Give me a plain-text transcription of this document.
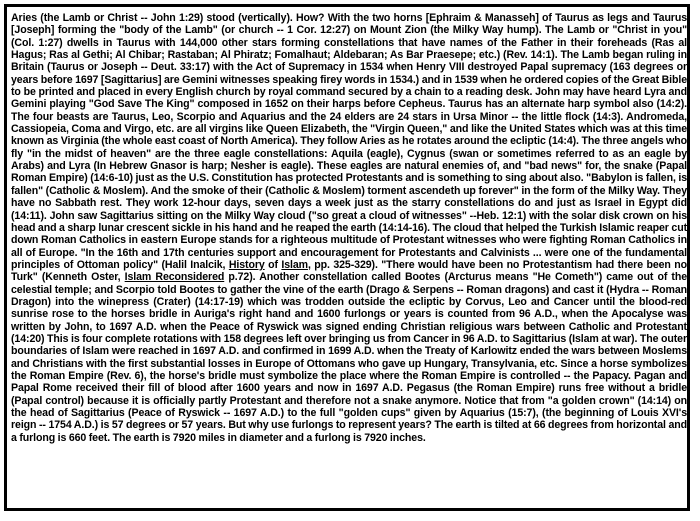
Aries (the Lamb or Christ -- John 1:29) stood (vertically). How? With the two horns [Ephraim & Manasseh] of Taurus as legs and Taurus [Joseph] forming the "body of the Lamb" (or church -- 1 Cor. 12:27) on Mount Zion (the Milky Way hump). The Lamb or "Christ in you" (Col. 1:27) dwells in Taurus with 144,000 other stars forming constellations that have names of the Father in their foreheads (Ras al Hagus; Ras al Gethi; Al Chibar; Rastaban; Al Phiratz; Fomalhaut; Aldebaran; As Bar Praesepe; etc.) (Rev. 14:1). The Lamb began ruling in Britain (Taurus or Joseph -- Deut. 33:17) with the Act of Supremacy in 1534 when Henry VIII destroyed Papal supremacy (163 degrees or years before 1697 [Sagittarius] are Gemini witnesses speaking firey words in 1534.) and in 1539 when he ordered copies of the Great Bible to be printed and placed in every English church by royal command secured by a chain to a reading desk. John may have heard Lyra and Gemini playing "God Save The King" composed in 1652 on their harps before Cepheus. Taurus has an alternate harp symbol also (14:2). The four beasts are Taurus, Leo, Scorpio and Aquarius and the 24 elders are 24 stars in Ursa Minor -- the little flock (14:3). Andromeda, Cassiopeia, Coma and Virgo, etc. are all virgins like Queen Elizabeth, the "Virgin Queen," and like the United States which was at this time known as Virginia (the whole east coast of North America). They follow Aries as he rotates around the ecliptic (14:4). The three angels who fly "in the midst of heaven" are the three eagle constellations: Aquila (eagle), Cygnus (swan or sometimes referred to as an eagle by Arabs) and Lyra (In Hebrew Gnasor is harp; Nesher is eagle). These eagles are natural enemies of, and "bad news" for, the snake (Papal Roman Empire) (14:6-10) just as the U.S. Constitution has protected Protestants and is something to sing about also. "Babylon is fallen, is fallen" (Catholic & Moslem). And the smoke of their (Catholic & Moslem) torment ascendeth up forever" in the form of the Milky Way. They have no Sabbath rest. They work 12-hour days, seven days a week just as the starry constellations do and just as Israel in Egypt did (14:11). John saw Sagittarius sitting on the Milky Way cloud ("so great a cloud of witnesses" --Heb. 12:1) with the solar disk crown on his head and a sharp lunar crescent sickle in his hand and he reaped the earth (14:14-16). The cloud that helped the Turkish Islamic reaper cut down Roman Catholics in eastern Europe stands for a righteous multitude of Protestant witnesses who were fighting Roman Catholics in all of Europe. "In the 16th and 17th centuries support and encouragement for Protestants and Calvinists ... were one of the fundamental principles of Ottoman policy" (Halil Inalcik, History of Islam, pp. 325-329). "There would have been no Protestantism had there been no Turk" (Kenneth Oster, Islam Reconsidered p.72). Another constellation called Bootes (Arcturus means "He Cometh") came out of the celestial temple; and Scorpio told Bootes to gather the vine of the earth (Drago & Serpens -- Roman dragons) and cast it (Hydra -- Roman Dragon) into the winepress (Crater) (14:17-19) which was trodden outside the ecliptic by Corvus, Leo and Cancer until the blood-red sunrise rose to the horses bridle in Auriga's right hand and 1600 furlongs or years is counted from 96 A.D., when the Apocalyse was written by John, to 1697 A.D. when the Peace of Ryswick was signed ending Christian religious wars between Catholic and Protestant (14:20) This is four complete rotations with 158 degrees left over bringing us from Cancer in 96 A.D. to Sagittarius (Islam at war). The outer boundaries of Islam were reached in 1697 A.D. and confirmed in 1699 A.D. when the Treaty of Karlowitz ended the wars between Moslems and Christians with the first substantial losses in Europe of Ottomans who gave up Hungary, Transylvania, etc. Since a horse symbolizes the Roman Empire (Rev. 6), the horse's bridle must symbolize the place where the Roman Empire is controlled -- the Papacy. Pagan and Papal Rome received their fill of blood after 1600 years and now in 1697 A.D. Pegasus (the Roman Empire) runs free without a bridle (Papal control) because it is officially partly Protestant and therefore not a snake anymore. Notice that from "a golden crown" (14:14) on the head of Sagittarius (Peace of Ryswick -- 1697 A.D.) to the full "golden cups" given by Aquarius (15:7), (the beginning of Louis XVI's reign -- 1754 A.D.) is 57 degrees or 57 years. But why use furlongs to represent years? The earth is tilted at 66 degrees from horizontal and a furlong is 660 feet. The earth is 7920 miles in diameter and a furlong is 7920 inches.
